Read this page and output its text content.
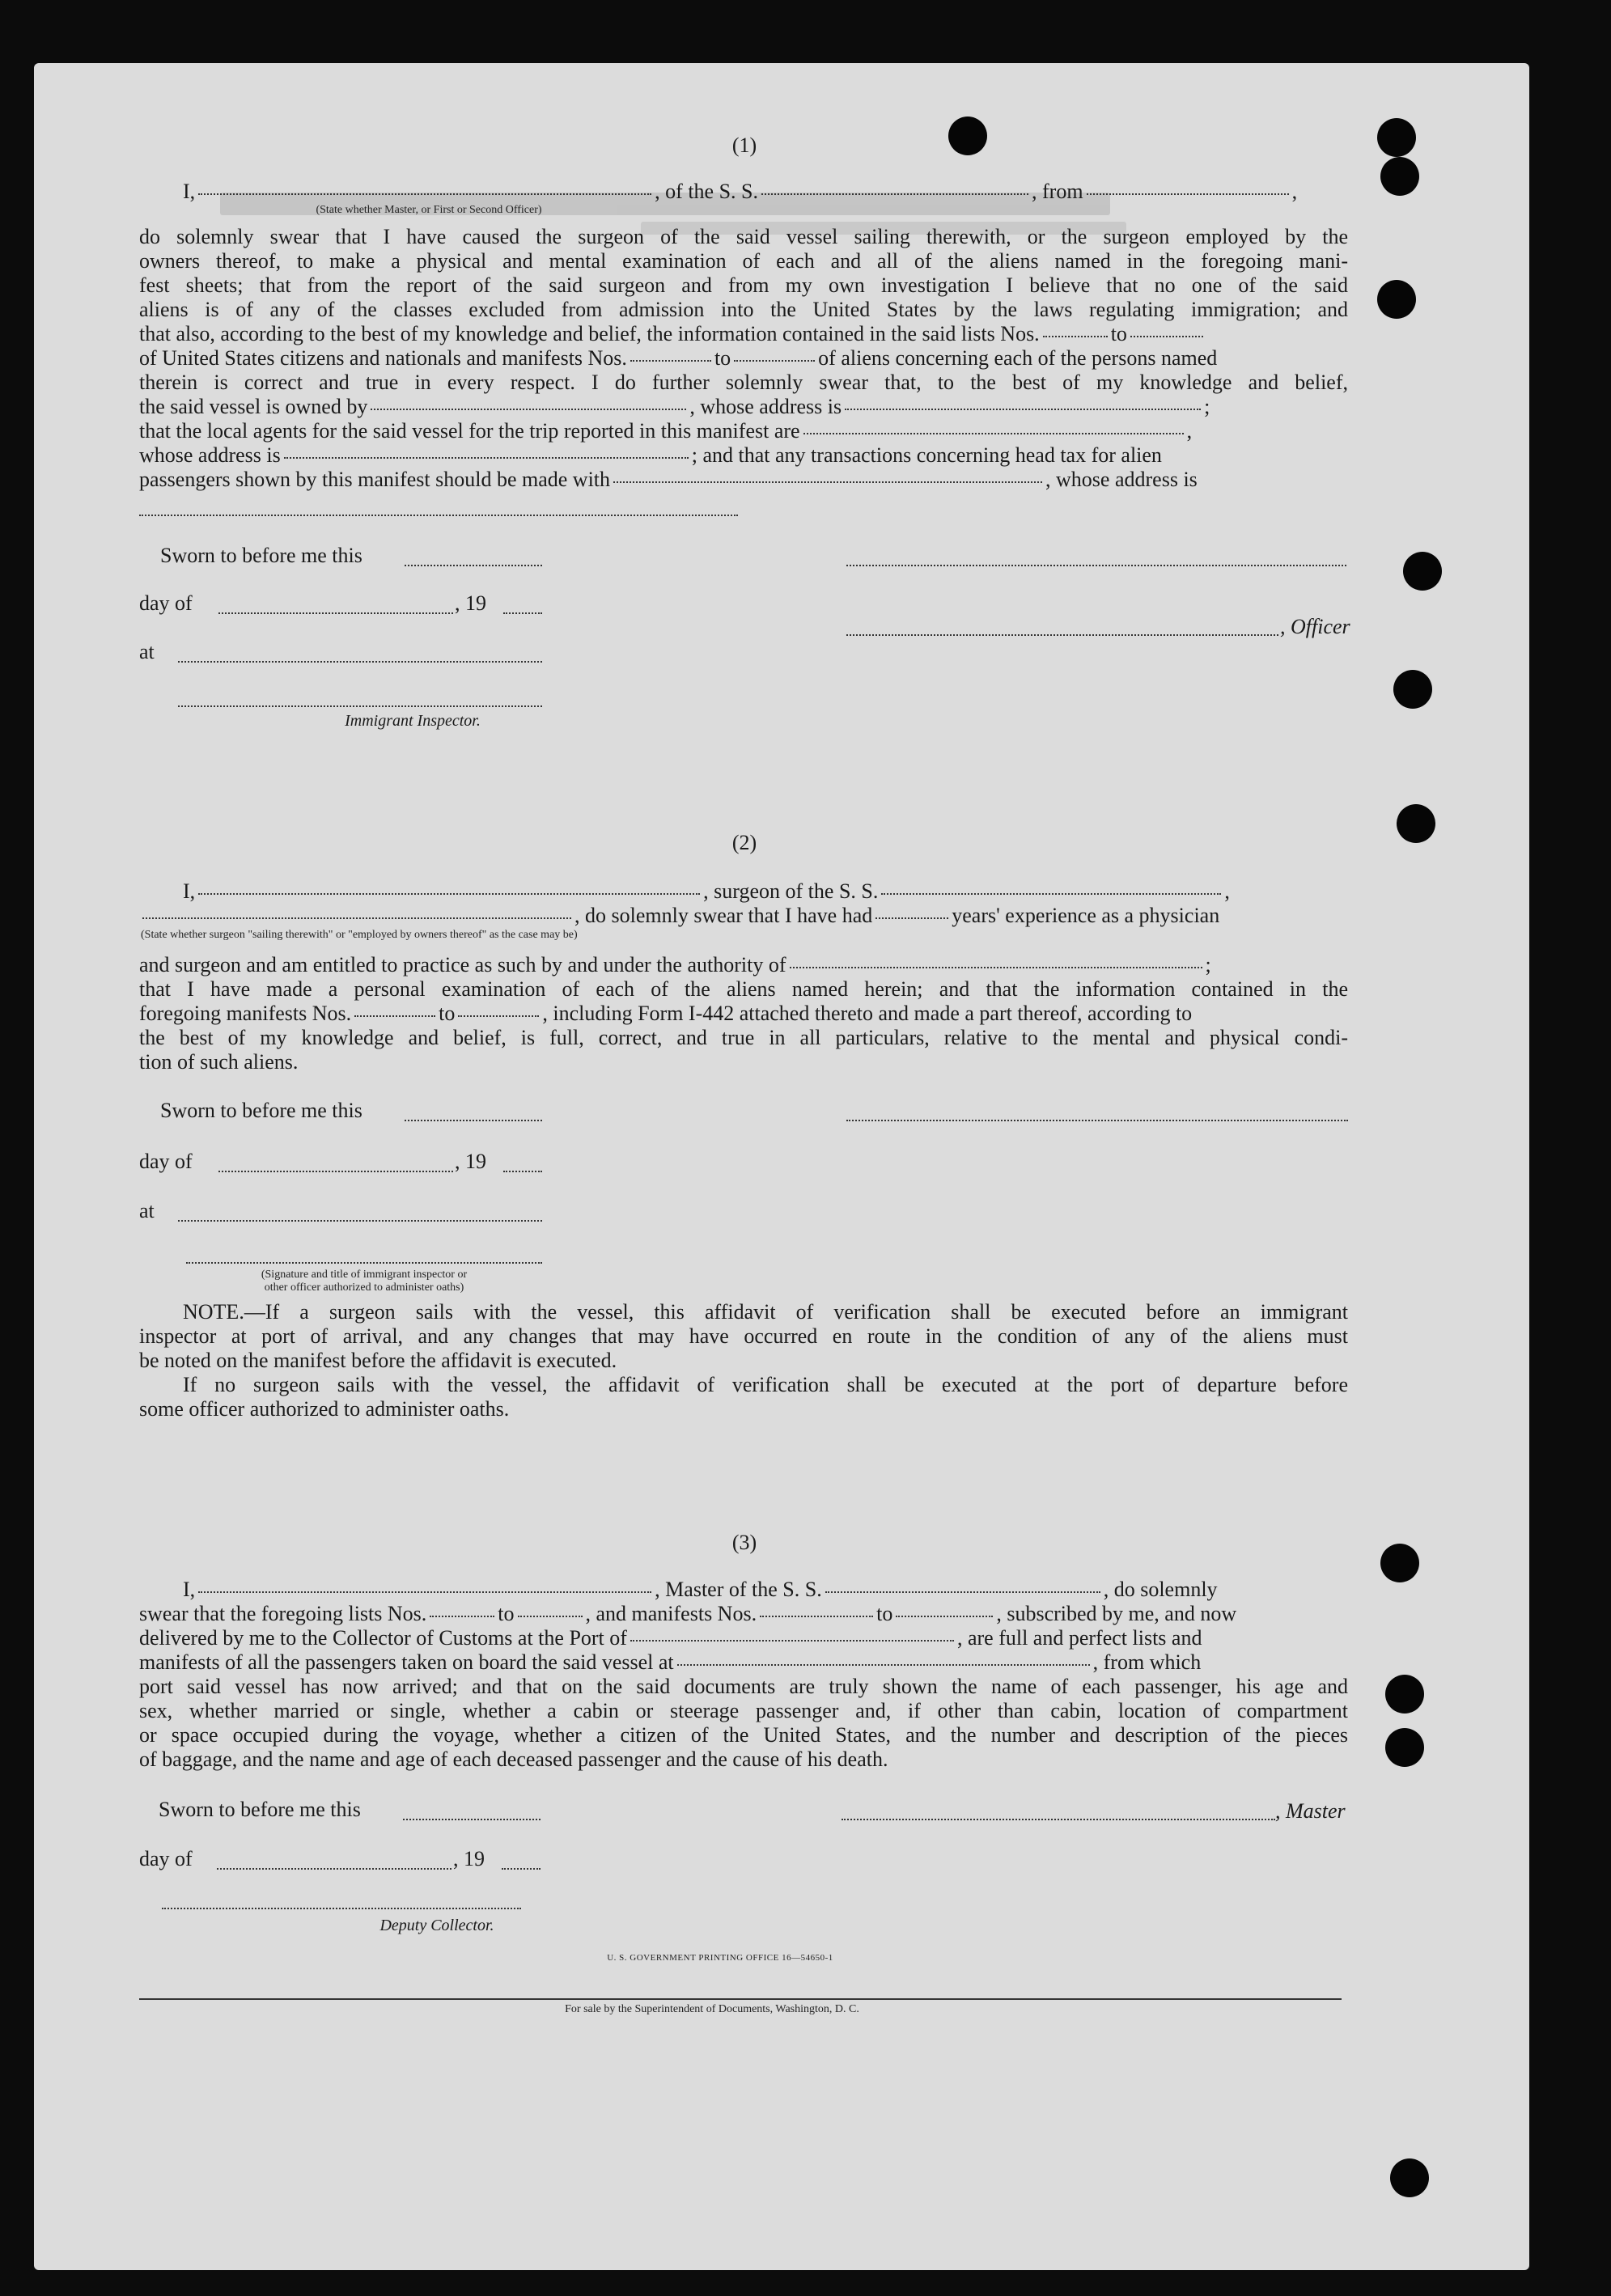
(1)
I,	, of the S. S.	, from	,
(State whether Master, or First or Second Officer)
do solemnly swear that I have caused the surgeon of the said vessel sailing therewith, or the surgeon employed by the
owners thereof, to make a physical and mental examination of each and all of the aliens named in the foregoing mani-
fest sheets; that from the report of the said surgeon and from my own investigation I believe that no one of the said
aliens is of any of the classes excluded from admission into the United States by the laws regulating immigration; and
that also, according to the best of my knowledge and belief, the information contained in the said lists Nos.	to
of United States citizens and nationals and manifests Nos.	to	of aliens concerning each of the persons named
therein is correct and true in every respect. I do further solemnly swear that, to the best of my knowledge and belief,
the said vessel is owned by	, whose address is	;
that the local agents for the said vessel for the trip reported in this manifest are	,
whose address is	; and that any transactions concerning head tax for alien
passengers shown by this manifest should be made with	, whose address is
Sworn to before me this
day of	, 19
, Officer
at
Immigrant Inspector.
(2)
I,	, surgeon of the S. S.	,
, do solemnly swear that I have had	years' experience as a physician
(State whether surgeon "sailing therewith" or "employed by owners thereof" as the case may be)
and surgeon and am entitled to practice as such by and under the authority of	;
that I have made a personal examination of each of the aliens named herein; and that the information contained in the
foregoing manifests Nos.	to	, including Form I-442 attached thereto and made a part thereof, according to
the best of my knowledge and belief, is full, correct, and true in all particulars, relative to the mental and physical condi-
tion of such aliens.
Sworn to before me this
day of	, 19
at
(Signature and title of immigrant inspector or
other officer authorized to administer oaths)
NOTE.—If a surgeon sails with the vessel, this affidavit of verification shall be executed before an immigrant
inspector at port of arrival, and any changes that may have occurred en route in the condition of any of the aliens must
be noted on the manifest before the affidavit is executed.
If no surgeon sails with the vessel, the affidavit of verification shall be executed at the port of departure before
some officer authorized to administer oaths.
(3)
I,	, Master of the S. S.	, do solemnly
swear that the foregoing lists Nos.	to	, and manifests Nos.	to	, subscribed by me, and now
delivered by me to the Collector of Customs at the Port of	, are full and perfect lists and
manifests of all the passengers taken on board the said vessel at	, from which
port said vessel has now arrived; and that on the said documents are truly shown the name of each passenger, his age and
sex, whether married or single, whether a cabin or steerage passenger and, if other than cabin, location of compartment
or space occupied during the voyage, whether a citizen of the United States, and the number and description of the pieces
of baggage, and the name and age of each deceased passenger and the cause of his death.
Sworn to before me this	, Master
day of	, 19
Deputy Collector.
U. S. GOVERNMENT PRINTING OFFICE 16—54650-1
For sale by the Superintendent of Documents, Washington, D. C.
